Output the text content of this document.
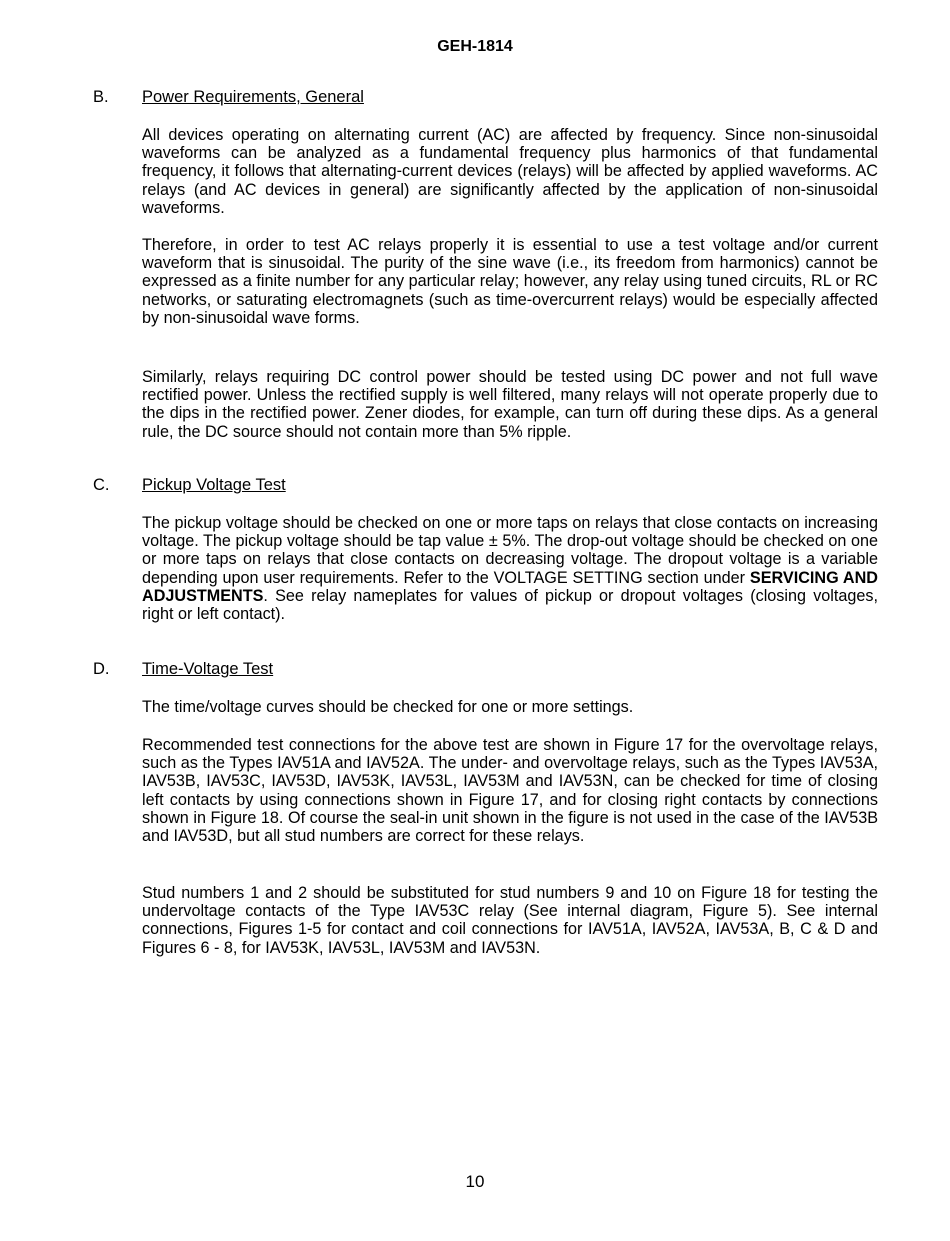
GEH-1814
B. Power Requirements, General

All devices operating on alternating current (AC) are affected by frequency. Since non-sinusoidal waveforms can be analyzed as a fundamental frequency plus harmonics of that fundamental frequency, it follows that alternating-current devices (relays) will be affected by applied waveforms. AC relays (and AC devices in general) are significantly affected by the application of non-sinusoidal waveforms.

Therefore, in order to test AC relays properly it is essential to use a test voltage and/or current waveform that is sinusoidal. The purity of the sine wave (i.e., its freedom from harmonics) cannot be expressed as a finite number for any particular relay; however, any relay using tuned circuits, RL or RC networks, or saturating electromagnets (such as time-overcurrent relays) would be especially affected by non-sinusoidal wave forms.

Similarly, relays requiring DC control power should be tested using DC power and not full wave rectified power. Unless the rectified supply is well filtered, many relays will not operate properly due to the dips in the rectified power. Zener diodes, for example, can turn off during these dips. As a general rule, the DC source should not contain more than 5% ripple.

C. Pickup Voltage Test

The pickup voltage should be checked on one or more taps on relays that close contacts on increasing voltage. The pickup voltage should be tap value ± 5%. The drop-out voltage should be checked on one or more taps on relays that close contacts on decreasing voltage. The dropout voltage is a variable depending upon user requirements. Refer to the VOLTAGE SETTING section under SERVICING AND ADJUSTMENTS. See relay nameplates for values of pickup or dropout voltages (closing voltages, right or left contact).

D. Time-Voltage Test

The time/voltage curves should be checked for one or more settings.

Recommended test connections for the above test are shown in Figure 17 for the overvoltage relays, such as the Types IAV51A and IAV52A. The under- and overvoltage relays, such as the Types IAV53A, IAV53B, IAV53C, IAV53D, IAV53K, IAV53L, IAV53M and IAV53N, can be checked for time of closing left contacts by using connections shown in Figure 17, and for closing right contacts by connections shown in Figure 18. Of course the seal-in unit shown in the figure is not used in the case of the IAV53B and IAV53D, but all stud numbers are correct for these relays.

Stud numbers 1 and 2 should be substituted for stud numbers 9 and 10 on Figure 18 for testing the undervoltage contacts of the Type IAV53C relay (See internal diagram, Figure 5). See internal connections, Figures 1-5 for contact and coil connections for IAV51A, IAV52A, IAV53A, B, C & D and Figures 6 - 8, for IAV53K, IAV53L, IAV53M and IAV53N.

10
